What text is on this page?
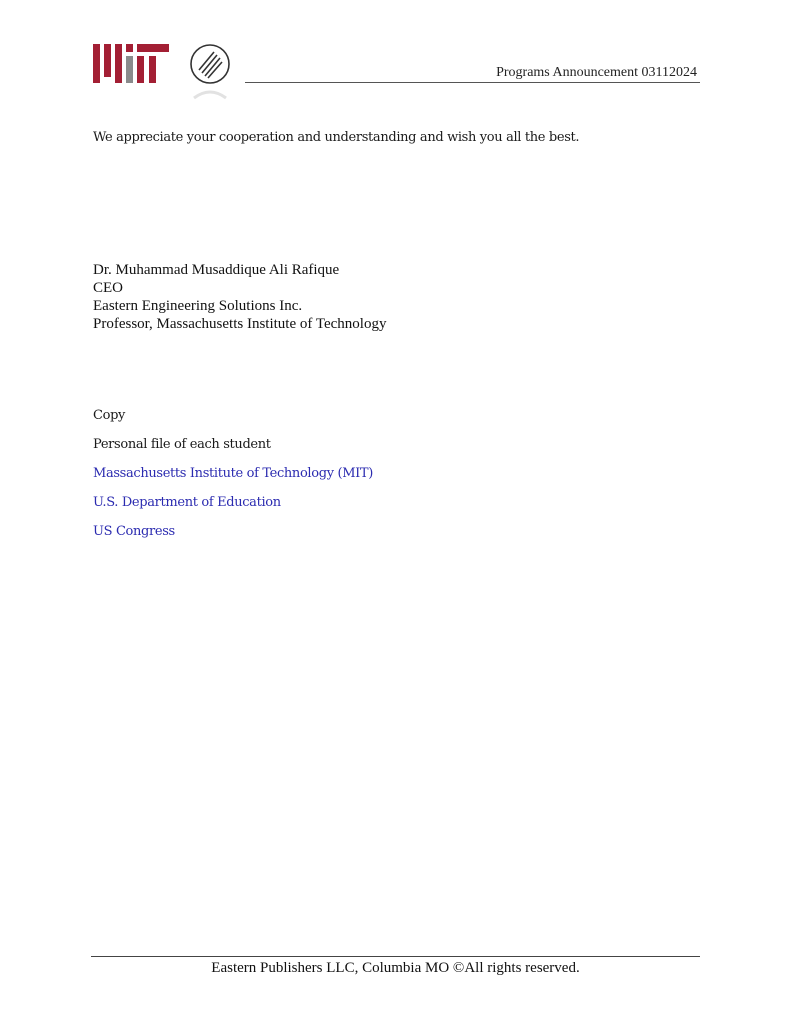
Programs Announcement 03112024
We appreciate your cooperation and understanding and wish you all the best.
Dr. Muhammad Musaddique Ali Rafique
CEO
Eastern Engineering Solutions Inc.
Professor, Massachusetts Institute of Technology
Copy
Personal file of each student
Massachusetts Institute of Technology (MIT)
U.S. Department of Education
US Congress
Eastern Publishers LLC, Columbia MO ©All rights reserved.
